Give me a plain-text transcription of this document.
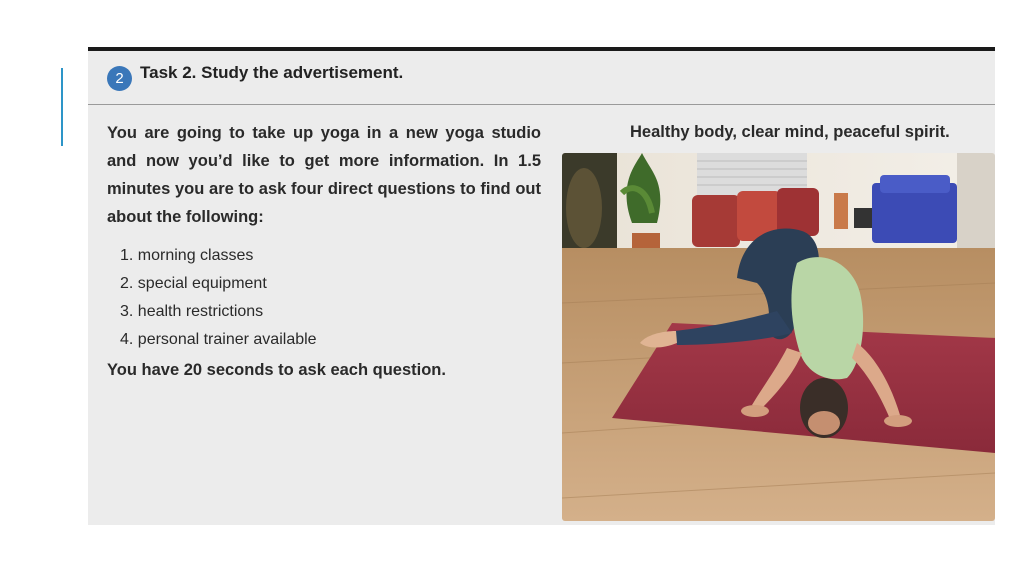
2 Task 2. Study the advertisement.

You are going to take up yoga in a new yoga studio and now you’d like to get more information. In 1.5 minutes you are to ask four direct questions to find out about the following:

1. morning classes
2. special equipment
3. health restrictions
4. personal trainer available
You have 20 seconds to ask each question.
Healthy body, clear mind, peaceful spirit.
